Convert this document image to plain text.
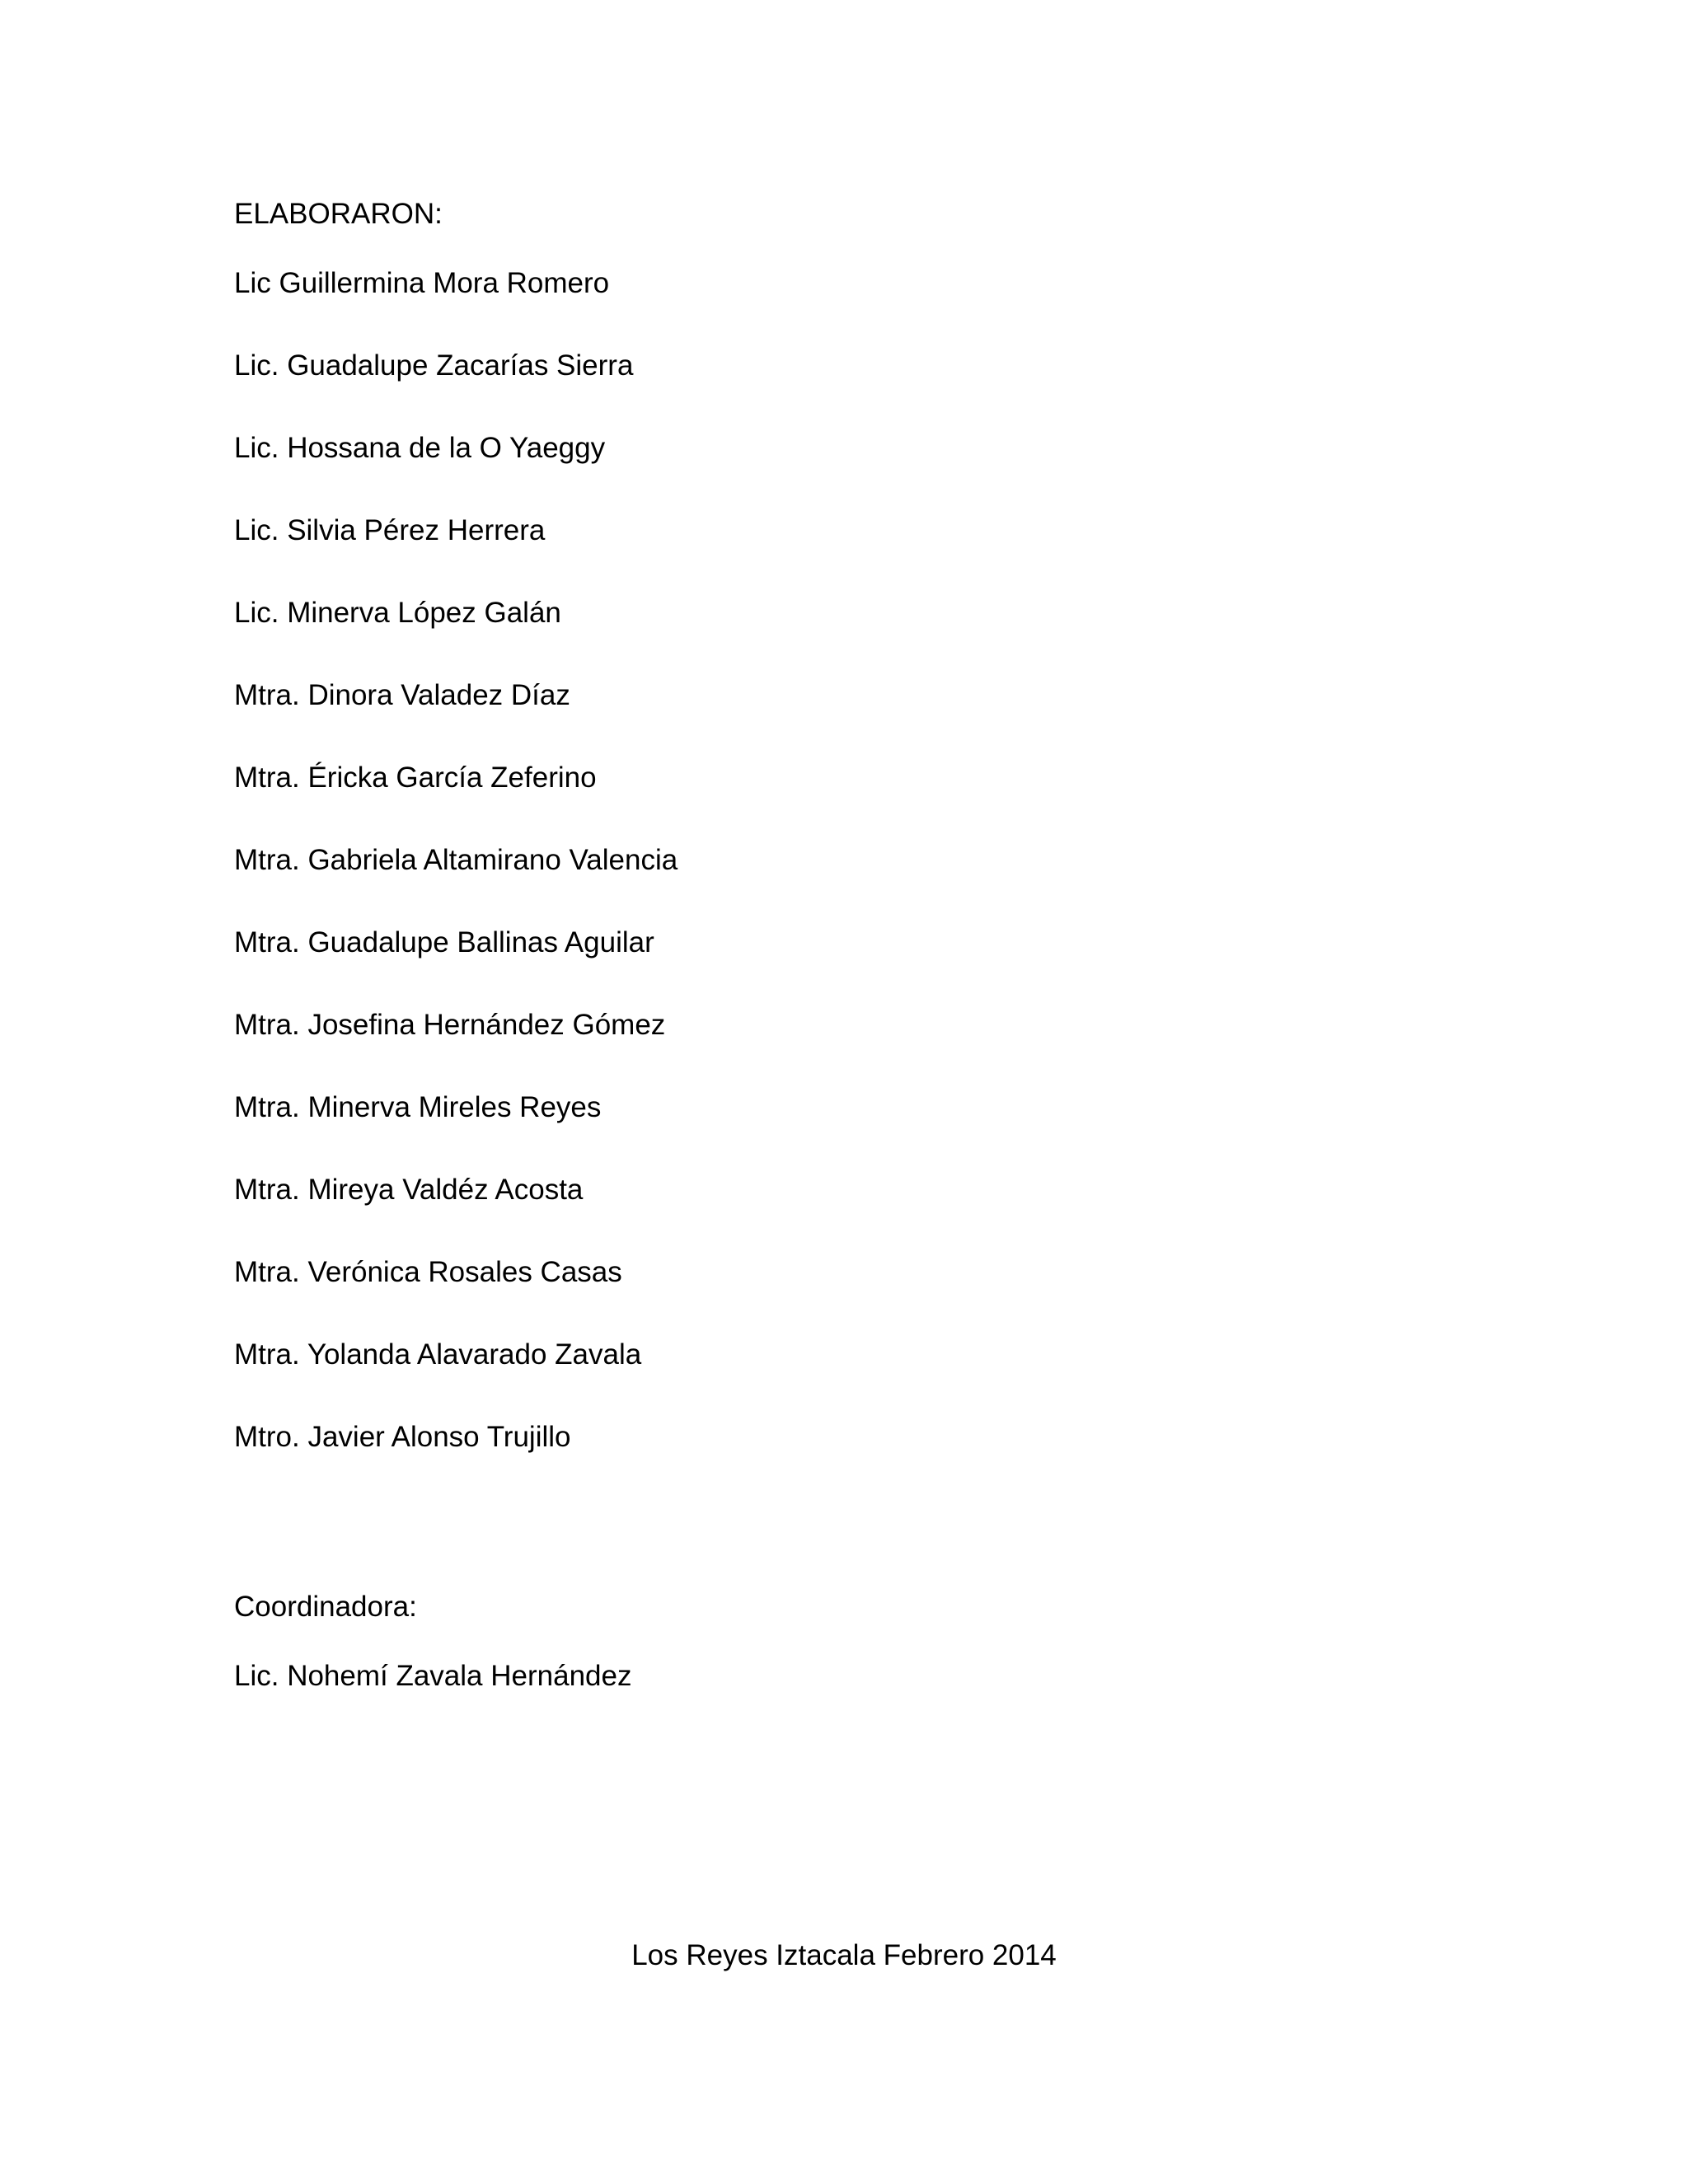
ELABORARON:
Lic Guillermina Mora Romero
Lic. Guadalupe Zacarías Sierra
Lic. Hossana de la O Yaeggy
Lic. Silvia Pérez Herrera
Lic. Minerva López Galán
Mtra. Dinora Valadez Díaz
Mtra. Éricka García Zeferino
Mtra. Gabriela Altamirano Valencia
Mtra. Guadalupe Ballinas Aguilar
Mtra. Josefina Hernández Gómez
Mtra. Minerva Mireles Reyes
Mtra. Mireya Valdéz Acosta
Mtra. Verónica Rosales Casas
Mtra. Yolanda Alavarado Zavala
Mtro. Javier Alonso Trujillo
Coordinadora:
Lic. Nohemí Zavala Hernández
Los Reyes Iztacala Febrero 2014
